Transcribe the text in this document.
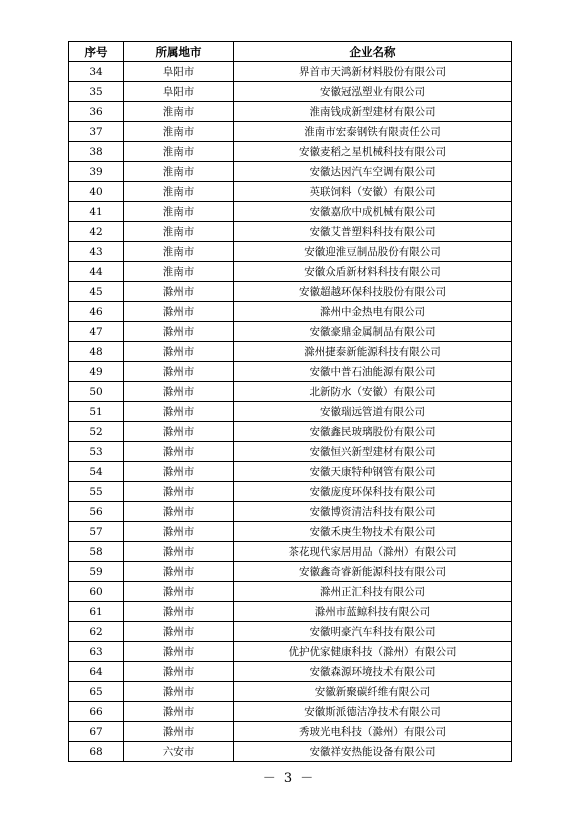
序号	所属地市	企业名称
34	阜阳市	界首市天鸿新材料股份有限公司
35	阜阳市	安徽冠泓塑业有限公司
36	淮南市	淮南钱成新型建材有限公司
37	淮南市	淮南市宏泰钢铁有限责任公司
38	淮南市	安徽麦稻之星机械科技有限公司
39	淮南市	安徽达因汽车空调有限公司
40	淮南市	英联饲料（安徽）有限公司
41	淮南市	安徽嘉欣中成机械有限公司
42	淮南市	安徽艾普塑料科技有限公司
43	淮南市	安徽迎淮豆制品股份有限公司
44	淮南市	安徽众盾新材料科技有限公司
45	滁州市	安徽超越环保科技股份有限公司
46	滁州市	滁州中金热电有限公司
47	滁州市	安徽豪鼎金属制品有限公司
48	滁州市	滁州捷泰新能源科技有限公司
49	滁州市	安徽中普石油能源有限公司
50	滁州市	北新防水（安徽）有限公司
51	滁州市	安徽瑞远管道有限公司
52	滁州市	安徽鑫民玻璃股份有限公司
53	滁州市	安徽恒兴新型建材有限公司
54	滁州市	安徽天康特种钢管有限公司
55	滁州市	安徽庞度环保科技有限公司
56	滁州市	安徽博资清洁科技有限公司
57	滁州市	安徽禾庚生物技术有限公司
58	滁州市	茶花现代家居用品（滁州）有限公司
59	滁州市	安徽鑫奇睿新能源科技有限公司
60	滁州市	滁州正汇科技有限公司
61	滁州市	滁州市蓝鲸科技有限公司
62	滁州市	安徽明豪汽车科技有限公司
63	滁州市	优护优家健康科技（滁州）有限公司
64	滁州市	安徽森源环境技术有限公司
65	滁州市	安徽新聚碳纤维有限公司
66	滁州市	安徽斯派德洁净技术有限公司
67	滁州市	秀玻光电科技（滁州）有限公司
68	六安市	安徽祥安热能设备有限公司
－ 3 －
